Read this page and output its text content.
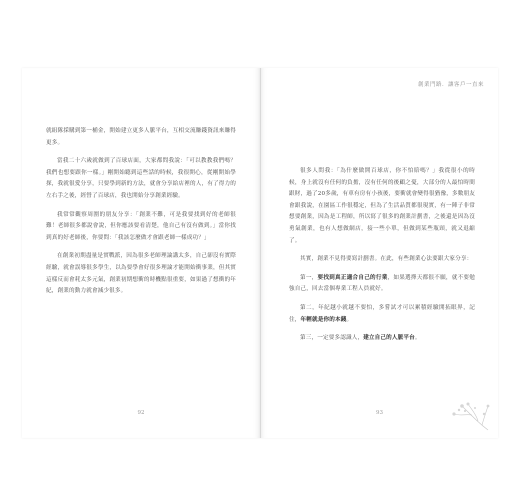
就組隊採購到第一桶金，開始建立更多人脈平台，互相交流賺錢資訊來賺得更多。

當我二十六歲就做到了百球店面，大家都問我說：「可以教教我們嗎？我們也想要跟你一樣。」剛開始聽到這些話的時候，我很開心，從剛開始學探，我就很愛分享，只要學到新的方法，就會分享給店裡的人，有了得力的左右手之後，經營了百球店，我也開始分享創業經驗。

我常常觀察周圍的朋友分享：「創業不難，可是我要找到好的老師很難！老師很多都說會說，但你應該要看清楚，他自己有沒有做到。」當你找到真的好老師後，你要問：「我該怎麼做才會跟老師一樣成功？」

在創業初期盡量是實戰派，因為很多老師理論講太多，自己卻沒有實際經驗，就會誤導很多學生，以為要學會好很多理論才能開始衝事業，但其實這樣反而會耗太多元氣，創業初期想衝的時機點很重要，如果過了想衝的年紀，創業的動力就會減少很多。

92
創業門路．讓客戶一直來

很多人問我：「為什麼做開百球店，你不怕賠嗎？」我從很小的時候，身上就沒有任何的負擔，沒有任何的後顧之憂，大部分的人最怕時間跟財，過了20多歲，有車有房有小孩後，要衝就會變得很猶豫，多數朋友會跟我說，在園區工作很穩定，但為了生活品質都很現實，有一陣子非常想要創業，因為是工程師，所以寫了很多的創業計劃書，之後還是因為沒勇氣創業，也有人想做網店，接一些小單，但做到某些瓶頸，就又退縮了。

其實，創業不見得要寫計劃書。在此，有些創業心法要跟大家分享：

第一，要找到真正適合自己的行業，如果選擇天都很不願，就不要勉強自己，回去當個專業工程人員就好。

第二，年紀越小就越不要怕，多嘗試才可以累積經驗開拓眼界，記住，年輕就是你的本錢。

第三，一定要多認識人，建立自己的人脈平台。

93
